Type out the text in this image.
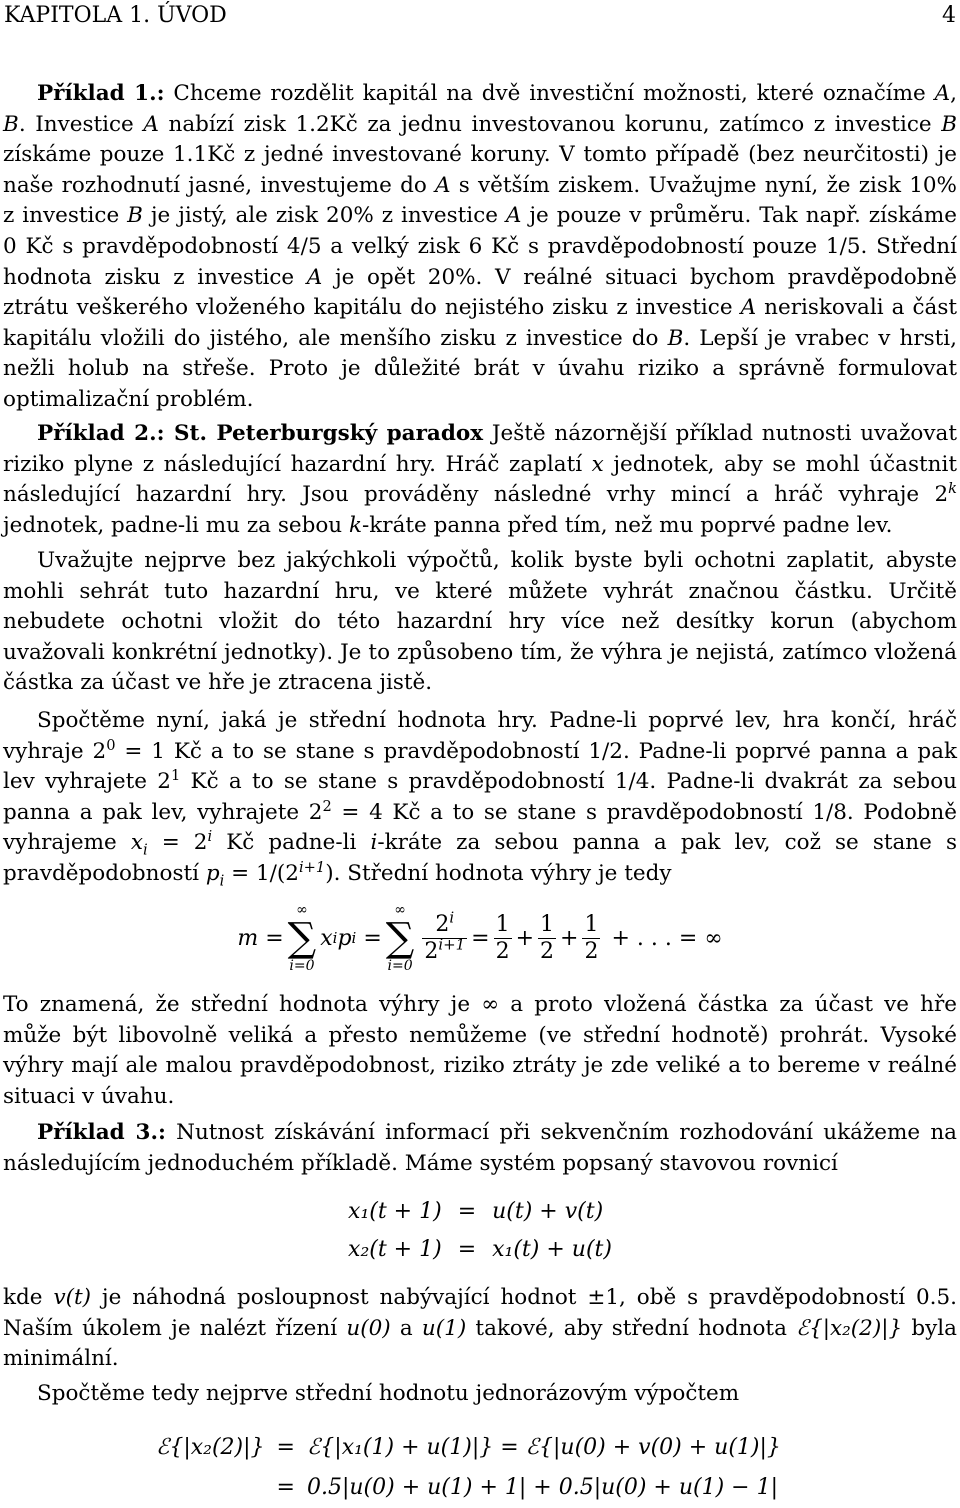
KAPITOLA 1. ÚVOD	4

Příklad 1.: Chceme rozdělit kapitál na dvě investiční možnosti, které označíme A, B. Investice A nabízí zisk 1.2Kč za jednu investovanou korunu, zatímco z investice B získáme pouze 1.1Kč z jedné investované koruny. V tomto případě (bez neurčitosti) je naše rozhodnutí jasné, investujeme do A s větším ziskem. Uvažujme nyní, že zisk 10% z investice B je jistý, ale zisk 20% z investice A je pouze v průměru. Tak např. získáme 0 Kč s pravděpodobností 4/5 a velký zisk 6 Kč s pravděpodobností pouze 1/5. Střední hodnota zisku z investice A je opět 20%. V reálné situaci bychom pravděpodobně ztrátu veškerého vloženého kapitálu do nejistého zisku z investice A neriskovali a část kapitálu vložili do jistého, ale menšího zisku z investice do B. Lepší je vrabec v hrsti, nežli holub na střeše. Proto je důležité brát v úvahu riziko a správně formulovat optimalizační problém.

Příklad 2.: St. Peterburgský paradox Ještě názornější příklad nutnosti uvažovat riziko plyne z následující hazardní hry. Hráč zaplatí x jednotek, aby se mohl účastnit následující hazardní hry. Jsou prováděny následné vrhy mincí a hráč vyhraje 2$^k$ jednotek, padne-li mu za sebou k-kráte panna před tím, než mu poprvé padne lev.

Uvažujte nejprve bez jakýchkoli výpočtů, kolik byste byli ochotni zaplatit, abyste mohli sehrát tuto hazardní hru, ve které můžete vyhrát značnou částku. Určitě nebudete ochotni vložit do této hazardní hry více než desítky korun (abychom uvažovali konkrétní jednotky). Je to způsobeno tím, že výhra je nejistá, zatímco vložená částka za účast ve hře je ztracena jistě.

Spočtěme nyní, jaká je střední hodnota hry. Padne-li poprvé lev, hra končí, hráč vyhraje $2^0 = 1$ Kč a to se stane s pravděpodobností 1/2. Padne-li poprvé panna a pak lev vyhrajete $2^1$ Kč a to se stane s pravděpodobností 1/4. Padne-li dvakrát za sebou panna a pak lev, vyhrajete $2^2 = 4$ Kč a to se stane s pravděpodobností 1/8. Podobně vyhrajeme $x_i = 2^i$ Kč padne-li i-kráte za sebou panna a pak lev, což se stane s pravděpodobností $p_i = 1/(2^{i+1})$. Střední hodnota výhry je tedy

m
=
∞
∑
i=0
x i p i
=
∞
∑
i=0
$\frac{2^i}{2^{i+1}} = \frac{1}{2} + \frac{1}{2} + \frac{1}{2}$
+ . . . =
∞

To znamená, že střední hodnota výhry je ∞ a proto vložená částka za účast ve hře může být libovolně veliká a přesto nemůžeme (ve střední hodnotě) prohrát. Vysoké výhry mají ale malou pravděpodobnost, riziko ztráty je zde veliké a to bereme v reálné situaci v úvahu.

Příklad 3.: Nutnost získávání informací při sekvenčním rozhodování ukážeme na následujícím jednoduchém příkladě. Máme systém popsaný stavovou rovnicí

x₁(t + 1)	=	u(t) + v(t)
x₂(t + 1)	=	x₁(t) + u(t)

kde v(t) je náhodná posloupnost nabývající hodnot ±1, obě s pravděpodobností 0.5. Naším úkolem je nalézt řízení u(0) a u(1) takové, aby střední hodnota ℰ{|x₂(2)|} byla minimální.

Spočtěme tedy nejprve střední hodnotu jednorázovým výpočtem

ℰ{|x₂(2)|}	=	ℰ{|x₁(1) + u(1)|} = ℰ{|u(0) + v(0) + u(1)|}
	=	0.5|u(0) + u(1) + 1| + 0.5|u(0) + u(1) − 1|
